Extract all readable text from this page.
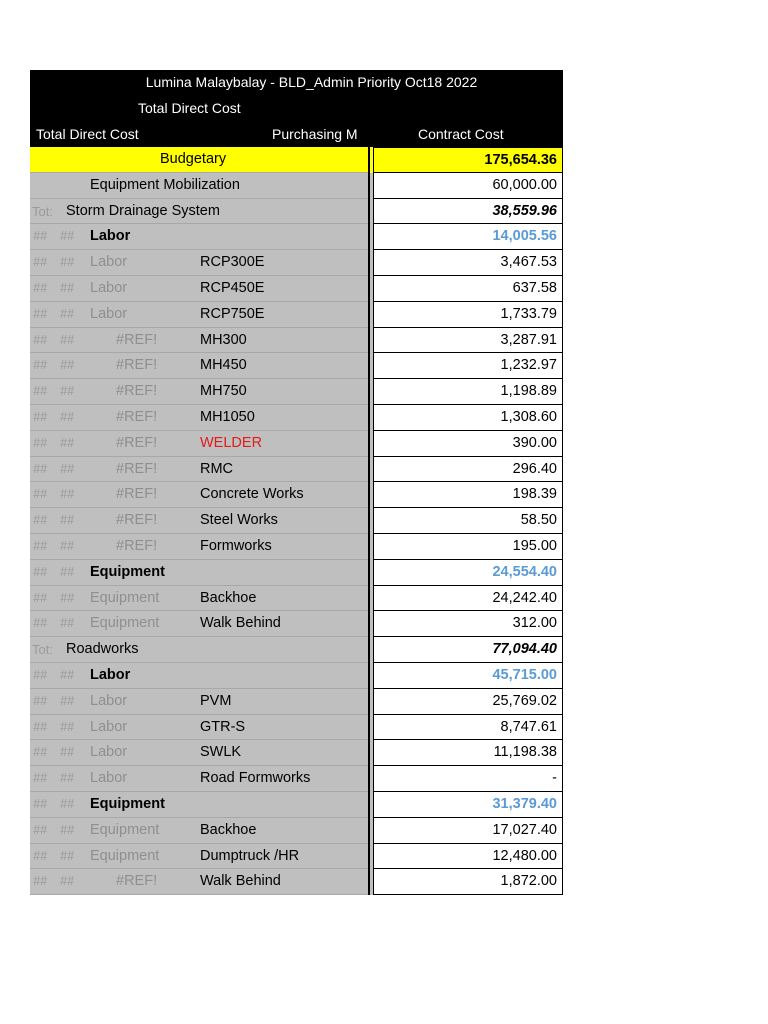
Lumina Malaybalay - BLD_Admin Priority Oct18 2022
Total Direct Cost
Total Direct Cost	Purchasing M	Contract Cost
Budgetary	175,654.36
Equipment Mobilization	60,000.00
Tot: Storm Drainage System	38,559.96
## ## Labor	14,005.56
## ## Labor	RCP300E	3,467.53
## ## Labor	RCP450E	637.58
## ## Labor	RCP750E	1,733.79
## ##	#REF!	MH300	3,287.91
## ##	#REF!	MH450	1,232.97
## ##	#REF!	MH750	1,198.89
## ##	#REF!	MH1050	1,308.60
## ##	#REF!	WELDER	390.00
## ##	#REF!	RMC	296.40
## ##	#REF!	Concrete Works	198.39
## ##	#REF!	Steel Works	58.50
## ##	#REF!	Formworks	195.00
## ## Equipment	24,554.40
## ## Equipment	Backhoe	24,242.40
## ## Equipment	Walk Behind	312.00
Tot: Roadworks	77,094.40
## ## Labor	45,715.00
## ## Labor	PVM	25,769.02
## ## Labor	GTR-S	8,747.61
## ## Labor	SWLK	11,198.38
## ## Labor	Road Formworks	-
## ## Equipment	31,379.40
## ## Equipment	Backhoe	17,027.40
## ## Equipment	Dumptruck /HR	12,480.00
## ##	#REF!	Walk Behind	1,872.00
